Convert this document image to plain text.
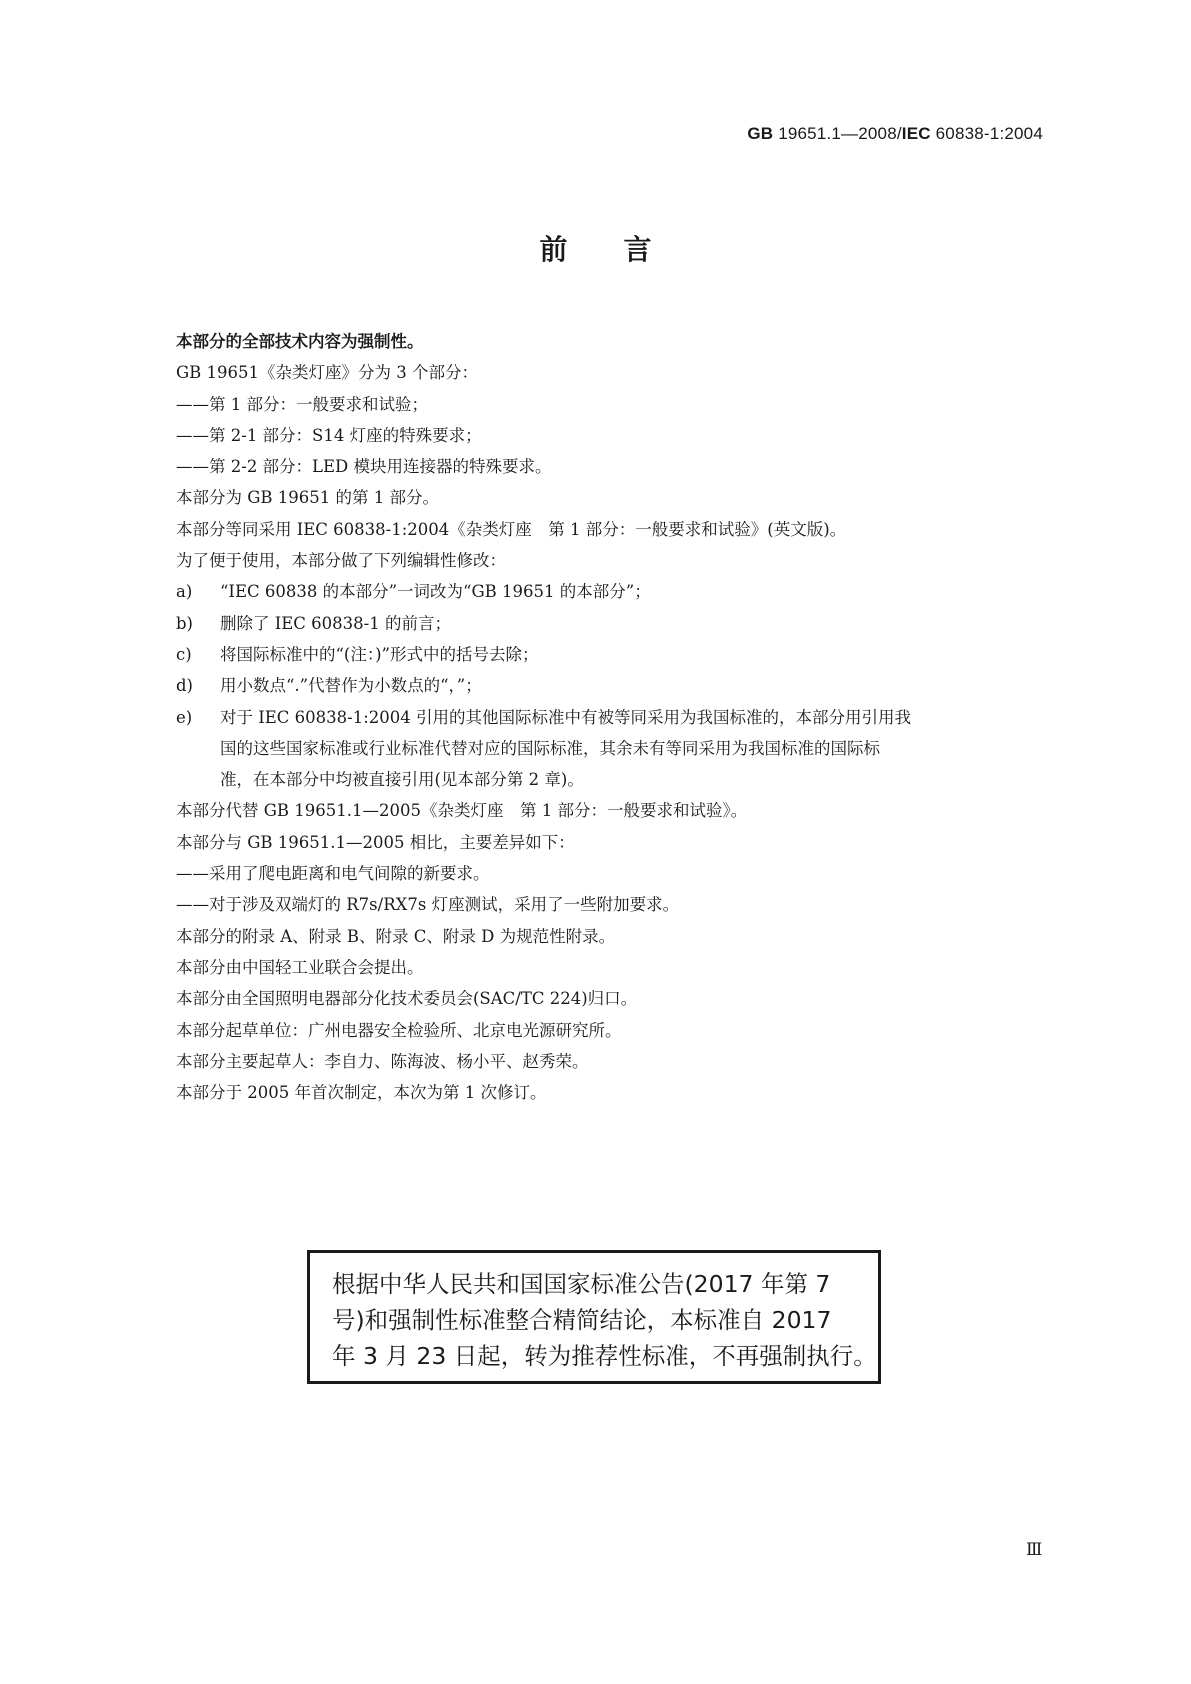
GB 19651.1—2008/IEC 60838-1:2004
前言
本部分的全部技术内容为强制性。
GB 19651《杂类灯座》分为 3 个部分：
——第 1 部分：一般要求和试验；
——第 2-1 部分：S14 灯座的特殊要求；
——第 2-2 部分：LED 模块用连接器的特殊要求。
本部分为 GB 19651 的第 1 部分。
本部分等同采用 IEC 60838-1:2004《杂类灯座　第 1 部分：一般要求和试验》(英文版)。
为了便于使用，本部分做了下列编辑性修改：
a) “IEC 60838 的本部分”一词改为“GB 19651 的本部分”；
b) 删除了 IEC 60838-1 的前言；
c) 将国际标准中的“(注：)”形式中的括号去除；
d) 用小数点“.”代替作为小数点的“，”；
e) 对于 IEC 60838-1:2004 引用的其他国际标准中有被等同采用为我国标准的，本部分用引用我
国的这些国家标准或行业标准代替对应的国际标准，其余未有等同采用为我国标准的国际标
准，在本部分中均被直接引用(见本部分第 2 章)。
本部分代替 GB 19651.1—2005《杂类灯座　第 1 部分：一般要求和试验》。
本部分与 GB 19651.1—2005 相比，主要差异如下：
——采用了爬电距离和电气间隙的新要求。
——对于涉及双端灯的 R7s/RX7s 灯座测试，采用了一些附加要求。
本部分的附录 A、附录 B、附录 C、附录 D 为规范性附录。
本部分由中国轻工业联合会提出。
本部分由全国照明电器部分化技术委员会(SAC/TC 224)归口。
本部分起草单位：广州电器安全检验所、北京电光源研究所。
本部分主要起草人：李自力、陈海波、杨小平、赵秀荣。
本部分于 2005 年首次制定，本次为第 1 次修订。
根据中华人民共和国国家标准公告(2017 年第 7
号)和强制性标准整合精简结论，本标准自 2017
年 3 月 23 日起，转为推荐性标准，不再强制执行。
Ⅲ
